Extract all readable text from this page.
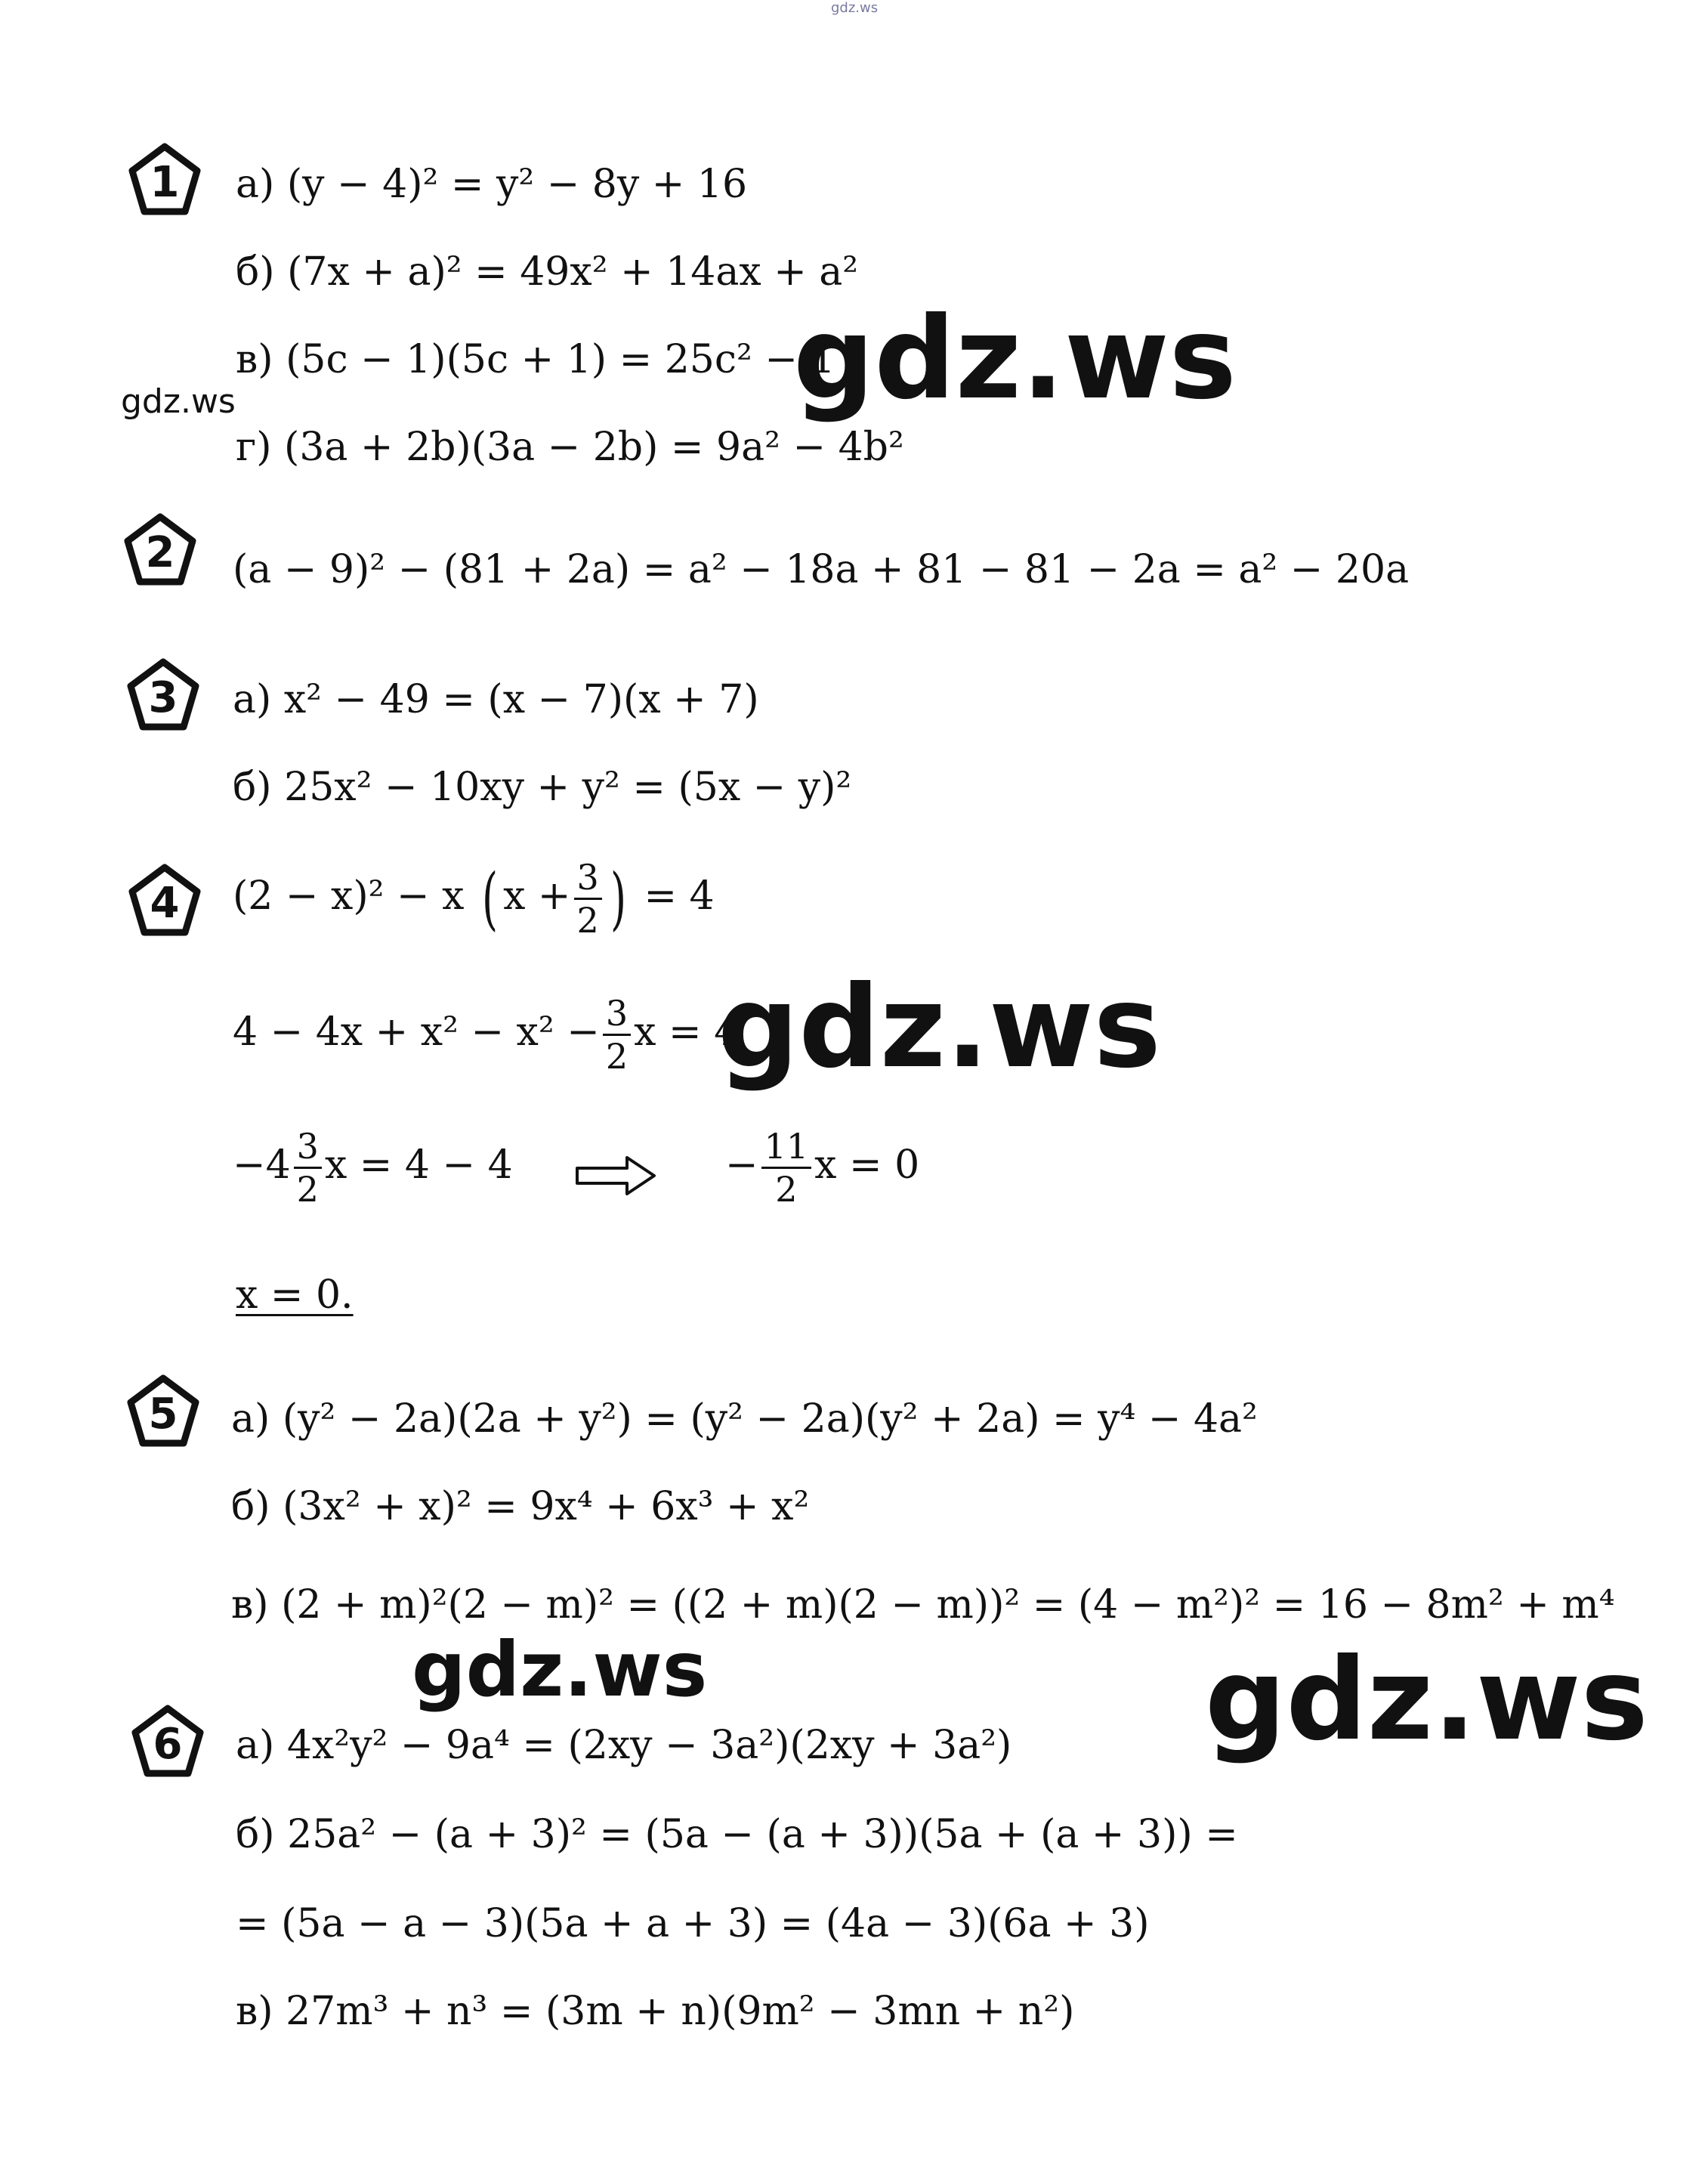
gdz.ws
gdz.ws
gdz.ws
gdz.ws
gdz.ws	gdz.ws
1
2
3
4
5
6
а) (y − 4)² = y² − 8y + 16
б) (7x + a)² = 49x² + 14ax + a²
в) (5c − 1)(5c + 1) = 25c² − 1
г) (3a + 2b)(3a − 2b) = 9a² − 4b²
(a − 9)² − (81 + 2a) = a² − 18a + 81 − 81 − 2a = a² − 20a
а) x² − 49 = (x − 7)(x + 7)
б) 25x² − 10xy + y² = (5x − y)²
(2 − x)² − x ( $x + \frac{3}{2}$ ) = 4
$4 - 4x + x^2 - x^2 - \frac{3}{2}$ x = 4
$-4 \frac{3}{2}$ x = 4 − 4	− $\frac{11}{2}$ x = 0
x = 0.
а) (y² − 2a)(2a + y²) = (y² − 2a)(y² + 2a) = y⁴ − 4a²
б) (3x² + x)² = 9x⁴ + 6x³ + x²
в) (2 + m)²(2 − m)² = ((2 + m)(2 − m))² = (4 − m²)² = 16 − 8m² + m⁴
а) 4x²y² − 9a⁴ = (2xy − 3a²)(2xy + 3a²)
б) 25a² − (a + 3)² = (5a − (a + 3))(5a + (a + 3)) =
= (5a − a − 3)(5a + a + 3) = (4a − 3)(6a + 3)
в) 27m³ + n³ = (3m + n)(9m² − 3mn + n²)
